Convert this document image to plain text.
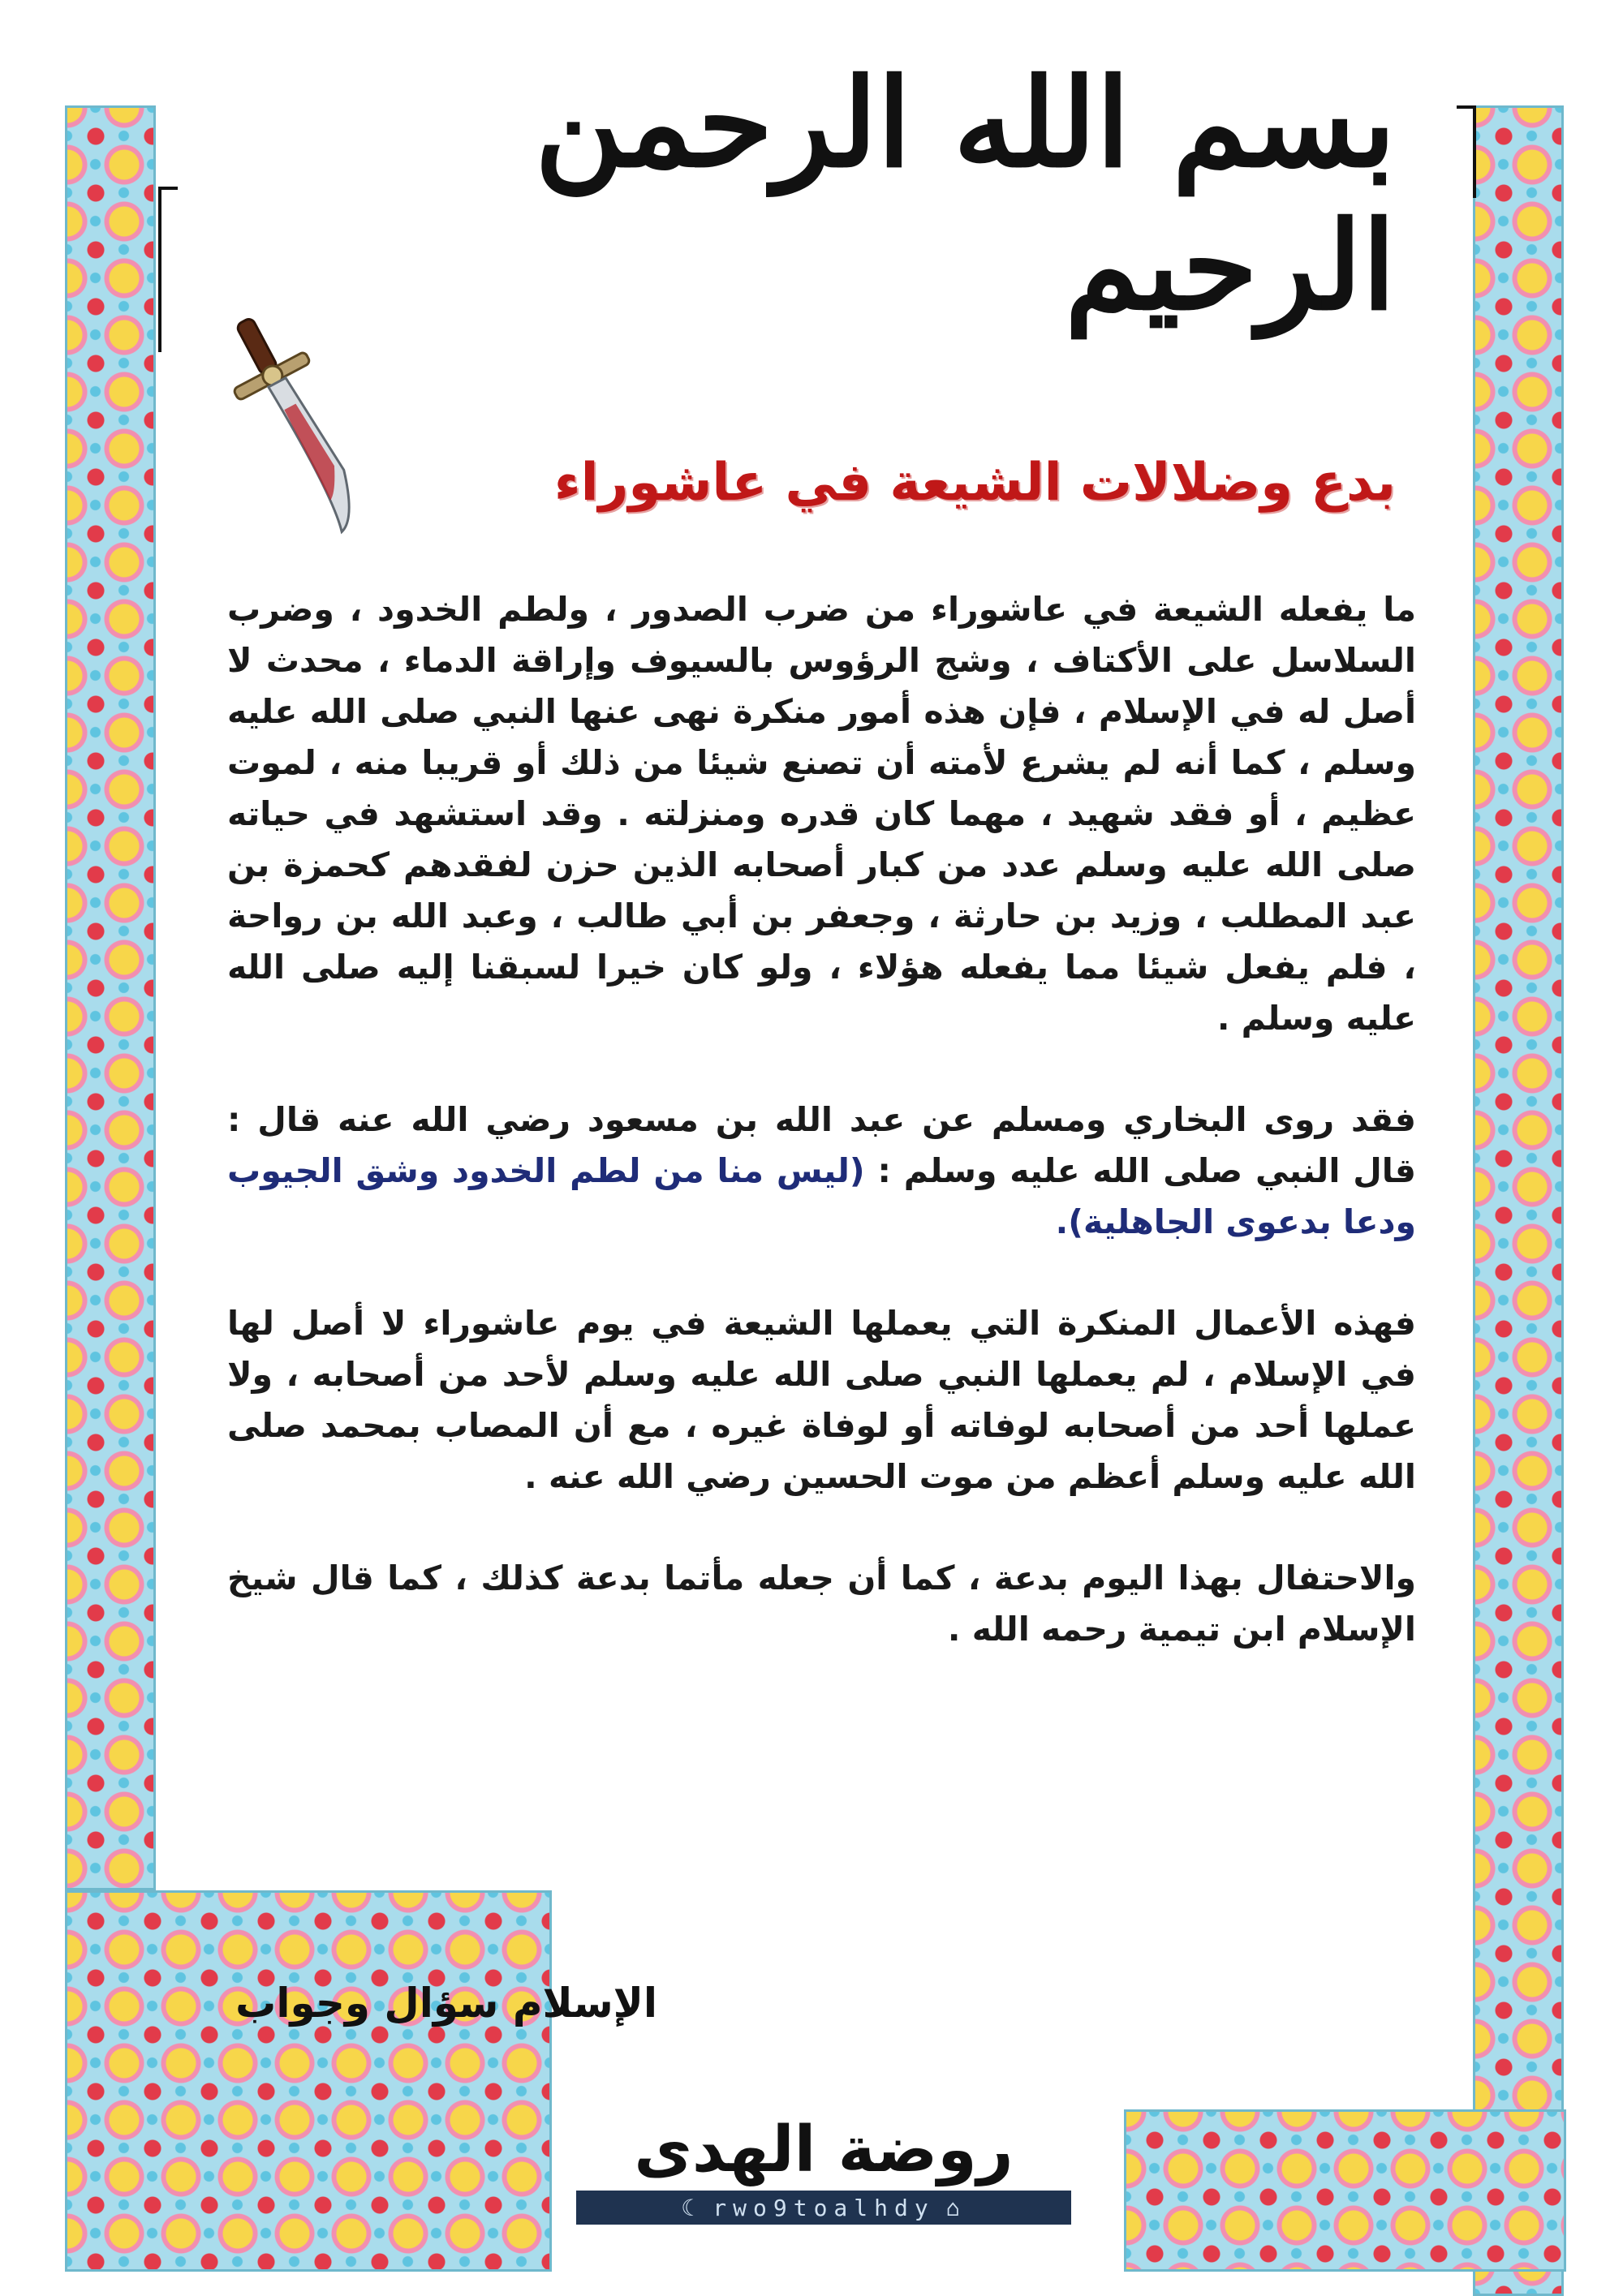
بسم الله الرحمن الرحيم
بدع وضلالات الشيعة في عاشوراء

ما يفعله الشيعة في عاشوراء من ضرب الصدور ، ولطم الخدود ، وضرب السلاسل على الأكتاف ، وشج الرؤوس بالسيوف وإراقة الدماء ، محدث لا أصل له في الإسلام ، فإن هذه أمور منكرة نهى عنها النبي صلى الله عليه وسلم ، كما أنه لم يشرع لأمته أن تصنع شيئا من ذلك أو قريبا منه ، لموت عظيم ، أو فقد شهيد ، مهما كان قدره ومنزلته . وقد استشهد في حياته صلى الله عليه وسلم عدد من كبار أصحابه الذين حزن لفقدهم كحمزة بن عبد المطلب ، وزيد بن حارثة ، وجعفر بن أبي طالب ، وعبد الله بن رواحة ، فلم يفعل شيئا مما يفعله هؤلاء ، ولو كان خيرا لسبقنا إليه صلى الله عليه وسلم .

فقد روى البخاري ومسلم عن عبد الله بن مسعود رضي الله عنه قال : قال النبي صلى الله عليه وسلم : (ليس منا من لطم الخدود وشق الجيوب ودعا بدعوى الجاهلية).

فهذه الأعمال المنكرة التي يعملها الشيعة في يوم عاشوراء لا أصل لها في الإسلام ، لم يعملها النبي صلى الله عليه وسلم لأحد من أصحابه ، ولا عملها أحد من أصحابه لوفاته أو لوفاة غيره ، مع أن المصاب بمحمد صلى الله عليه وسلم أعظم من موت الحسين رضي الله عنه .

والاحتفال بهذا اليوم بدعة ، كما أن جعله مأتما بدعة كذلك ، كما قال شيخ الإسلام ابن تيمية رحمه الله .

الإسلام سؤال وجواب
روضة الهدى
☾ rwo9toalhdy ⌂
